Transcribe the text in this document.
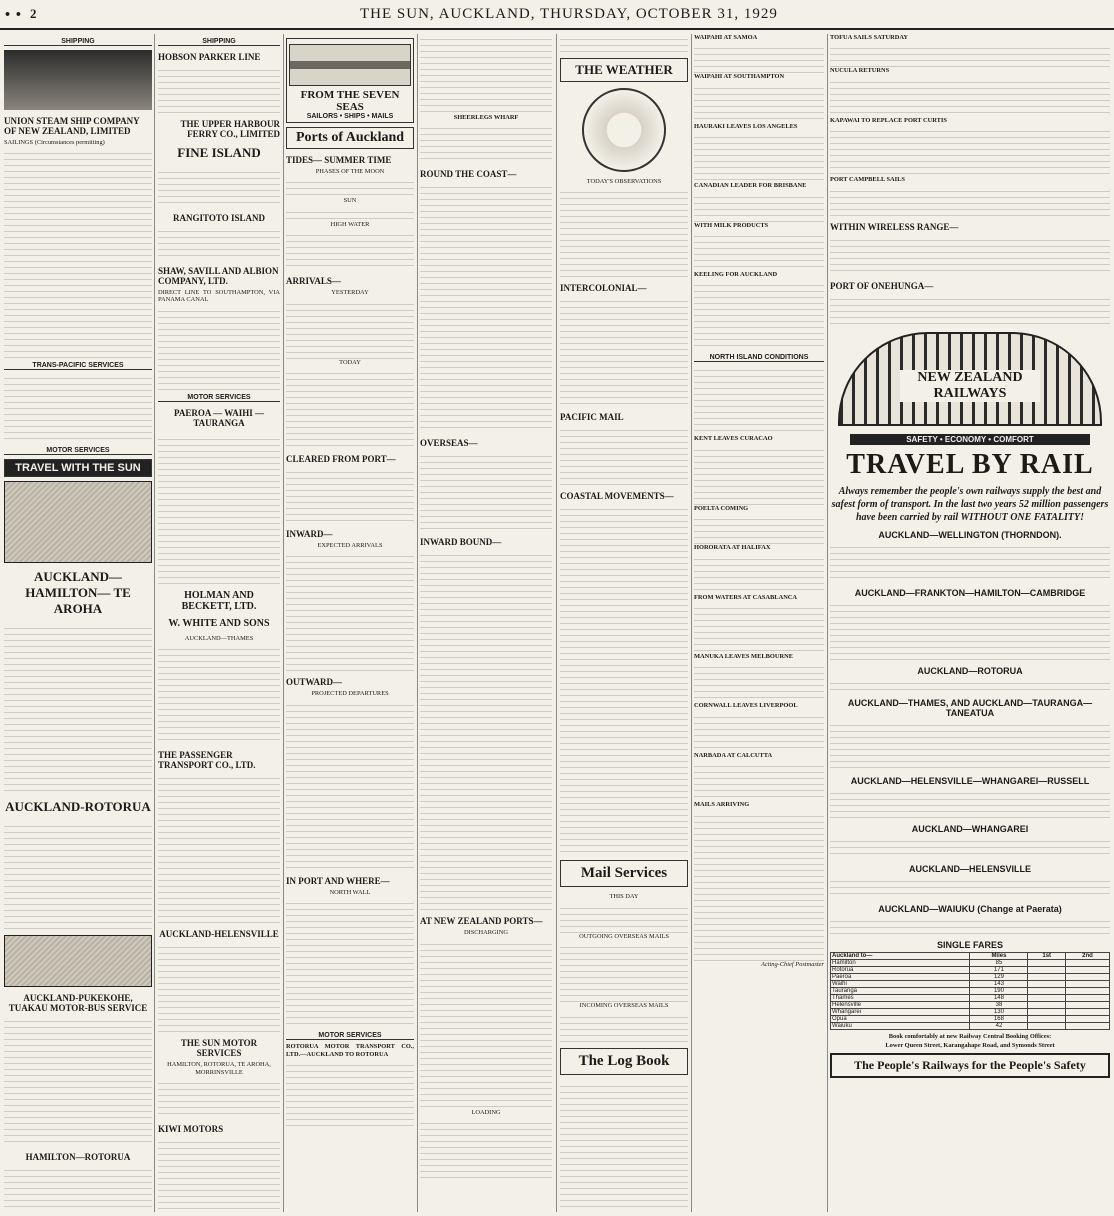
• • 2	THE SUN, AUCKLAND, THURSDAY, OCTOBER 31, 1929
SHIPPING
UNION STEAM SHIP COMPANY OF NEW ZEALAND, LIMITED

SAILINGS (Circumstances permitting)

TRANS-PACIFIC SERVICES
MOTOR SERVICES
TRAVEL WITH THE SUN
AUCKLAND— HAMILTON— TE AROHA
AUCKLAND-ROTORUA
AUCKLAND-PUKEKOHE, TUAKAU MOTOR-BUS SERVICE
HAMILTON—ROTORUA
SHIPPING
HOBSON PARKER LINE
THE UPPER HARBOUR FERRY CO., LIMITED
FINE ISLAND
RANGITOTO ISLAND
SHAW, SAVILL AND ALBION COMPANY, LTD.

DIRECT LINE TO SOUTHAMPTON, VIA PANAMA CANAL

MOTOR SERVICES
PAEROA — WAIHI — TAURANGA
HOLMAN AND BECKETT, LTD.
W. WHITE AND SONS

AUCKLAND—THAMES

THE PASSENGER TRANSPORT CO., LTD.
AUCKLAND-HELENSVILLE
THE SUN MOTOR SERVICES

HAMILTON, ROTORUA, TE AROHA, MORRINSVILLE

KIWI MOTORS
FROM THE SEVEN SEAS
SAILORS • SHIPS • MAILS
Ports of Auckland
TIDES— SUMMER TIME

PHASES OF THE MOON

SUN

HIGH WATER

ARRIVALS—

YESTERDAY

TODAY

CLEARED FROM PORT—
INWARD—

EXPECTED ARRIVALS

OUTWARD—

PROJECTED DEPARTURES

IN PORT AND WHERE—

NORTH WALL

MOTOR SERVICES

ROTORUA MOTOR TRANSPORT CO., LTD.—AUCKLAND TO ROTORUA

SHEERLEGS WHARF

ROUND THE COAST—
OVERSEAS—
INWARD BOUND—
AT NEW ZEALAND PORTS—

DISCHARGING

LOADING

THE WEATHER

TODAY'S OBSERVATIONS

INTERCOLONIAL—
PACIFIC MAIL
COASTAL MOVEMENTS—
Mail Services

THIS DAY

OUTGOING OVERSEAS MAILS

INCOMING OVERSEAS MAILS

The Log Book

WAIPAHI AT SAMOA

WAIPAHI AT SOUTHAMPTON

HAURAKI LEAVES LOS ANGELES

CANADIAN LEADER FOR BRISBANE

WITH MILK PRODUCTS

KEELING FOR AUCKLAND

NORTH ISLAND CONDITIONS

KENT LEAVES CURACAO

POELTA COMING

HORORATA AT HALIFAX

FROM WATERS AT CASABLANCA

MANUKA LEAVES MELBOURNE

CORNWALL LEAVES LIVERPOOL

NARBADA AT CALCUTTA

MAILS ARRIVING

Acting-Chief Postmaster

TOFUA SAILS SATURDAY

NUCULA RETURNS

KAPAWAI TO REPLACE PORT CURTIS

PORT CAMPBELL SAILS

WITHIN WIRELESS RANGE—
PORT OF ONEHUNGA—
NEW ZEALAND RAILWAYS
SAFETY • ECONOMY • COMFORT
TRAVEL BY RAIL
Always remember the people's own railways supply the best and safest form of transport. In the last two years 52 million passengers have been carried by rail WITHOUT ONE FATALITY!
AUCKLAND—WELLINGTON (THORNDON).
AUCKLAND—FRANKTON—HAMILTON—CAMBRIDGE
AUCKLAND—ROTORUA
AUCKLAND—THAMES, AND AUCKLAND—TAURANGA—TANEATUA
AUCKLAND—HELENSVILLE—WHANGAREI—RUSSELL
AUCKLAND—WHANGAREI
AUCKLAND—HELENSVILLE
AUCKLAND—WAIUKU (Change at Paerata)
SINGLE FARES
Auckland to—	Miles	1st	2nd
Hamilton	85		
Rotorua	171		
Paeroa	129		
Waihi	143		
Tauranga	190		
Thames	148		
Helensville	38		
Whangarei	130		
Opua	168		
Waiuku	42		

Book comfortably at new Railway Central Booking Offices:

Lower Queen Street, Karangahape Road, and Symonds Street

The People's Railways for the People's Safety
